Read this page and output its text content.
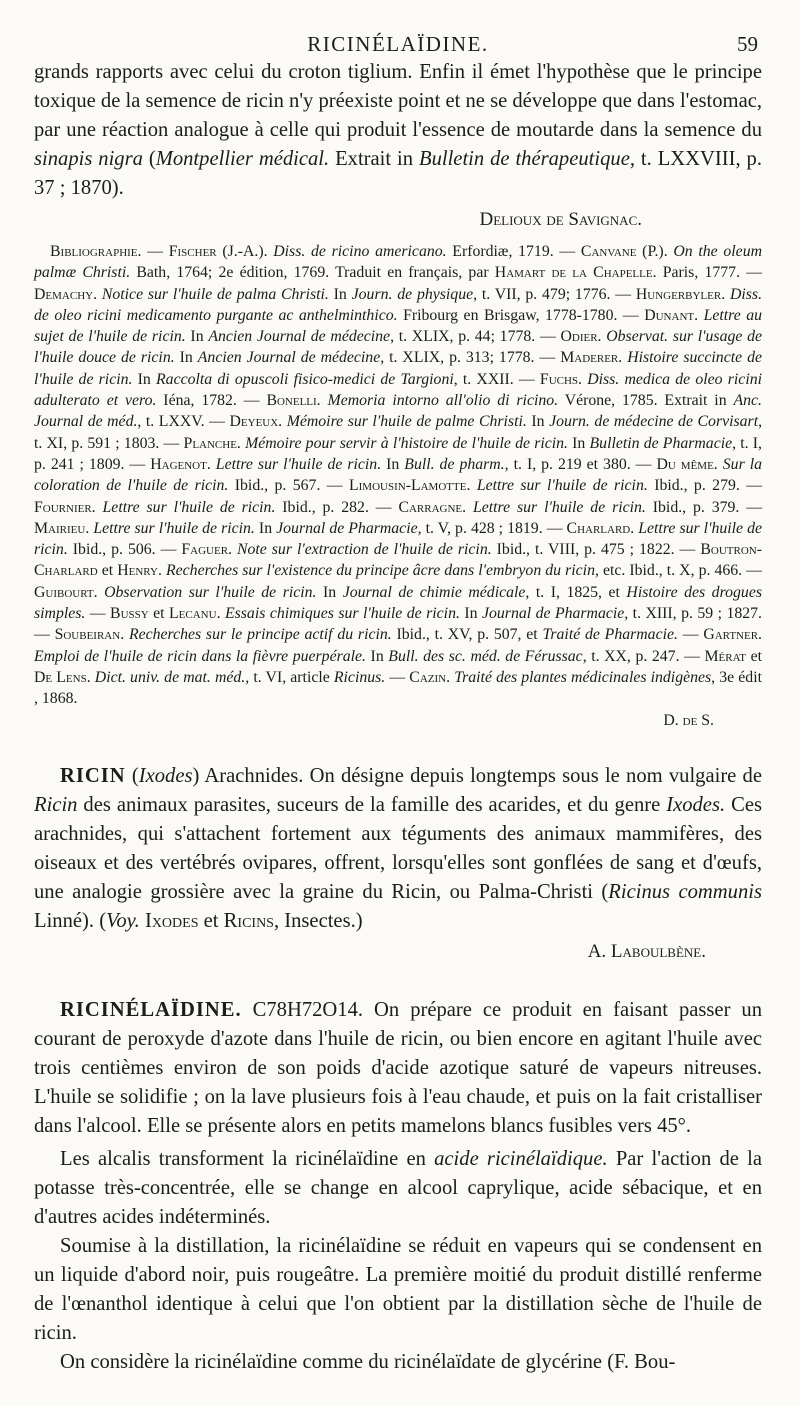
RICINÉLAÏDINE.	59

grands rapports avec celui du croton tiglium. Enfin il émet l'hypothèse que le principe toxique de la semence de ricin n'y préexiste point et ne se développe que dans l'estomac, par une réaction analogue à celle qui produit l'essence de moutarde dans la semence du sinapis nigra (Montpellier médical. Extrait in Bulletin de thérapeutique, t. LXXVIII, p. 37 ; 1870).

Delioux de Savignac.

Bibliographie. — Fischer (J.-A.). Diss. de ricino americano. Erfordiæ, 1719. — Canvane (P.). On the oleum palmæ Christi. Bath, 1764; 2e édition, 1769. Traduit en français, par Hamart de la Chapelle. Paris, 1777. — Demachy. Notice sur l'huile de palma Christi. In Journ. de physique, t. VII, p. 479; 1776. — Hungerbyler. Diss. de oleo ricini medicamento purgante ac anthelminthico. Fribourg en Brisgaw, 1778-1780. — Dunant. Lettre au sujet de l'huile de ricin. In Ancien Journal de médecine, t. XLIX, p. 44; 1778. — Odier. Observat. sur l'usage de l'huile douce de ricin. In Ancien Journal de médecine, t. XLIX, p. 313; 1778. — Maderer. Histoire succincte de l'huile de ricin. In Raccolta di opuscoli fisico-medici de Targioni, t. XXII. — Fuchs. Diss. medica de oleo ricini adulterato et vero. Iéna, 1782. — Bonelli. Memoria intorno all'olio di ricino. Vérone, 1785. Extrait in Anc. Journal de méd., t. LXXV. — Deyeux. Mémoire sur l'huile de palme Christi. In Journ. de médecine de Corvisart, t. XI, p. 591 ; 1803. — Planche. Mémoire pour servir à l'histoire de l'huile de ricin. In Bulletin de Pharmacie, t. I, p. 241 ; 1809. — Hagenot. Lettre sur l'huile de ricin. In Bull. de pharm., t. I, p. 219 et 380. — Du même. Sur la coloration de l'huile de ricin. Ibid., p. 567. — Limousin-Lamotte. Lettre sur l'huile de ricin. Ibid., p. 279. — Fournier. Lettre sur l'huile de ricin. Ibid., p. 282. — Carragne. Lettre sur l'huile de ricin. Ibid., p. 379. — Mairieu. Lettre sur l'huile de ricin. In Journal de Pharmacie, t. V, p. 428 ; 1819. — Charlard. Lettre sur l'huile de ricin. Ibid., p. 506. — Faguer. Note sur l'extraction de l'huile de ricin. Ibid., t. VIII, p. 475 ; 1822. — Boutron-Charlard et Henry. Recherches sur l'existence du principe âcre dans l'embryon du ricin, etc. Ibid., t. X, p. 466. — Guibourt. Observation sur l'huile de ricin. In Journal de chimie médicale, t. I, 1825, et Histoire des drogues simples. — Bussy et Lecanu. Essais chimiques sur l'huile de ricin. In Journal de Pharmacie, t. XIII, p. 59 ; 1827. — Soubeiran. Recherches sur le principe actif du ricin. Ibid., t. XV, p. 507, et Traité de Pharmacie. — Gartner. Emploi de l'huile de ricin dans la fièvre puerpérale. In Bull. des sc. méd. de Férussac, t. XX, p. 247. — Mérat et De Lens. Dict. univ. de mat. méd., t. VI, article Ricinus. — Cazin. Traité des plantes médicinales indigènes, 3e édit , 1868.

D. de S.

RICIN (Ixodes) Arachnides. On désigne depuis longtemps sous le nom vulgaire de Ricin des animaux parasites, suceurs de la famille des acarides, et du genre Ixodes. Ces arachnides, qui s'attachent fortement aux téguments des animaux mammifères, des oiseaux et des vertébrés ovipares, offrent, lorsqu'elles sont gonflées de sang et d'œufs, une analogie grossière avec la graine du Ricin, ou Palma-Christi (Ricinus communis Linné). (Voy. Ixodes et Ricins, Insectes.)

A. Laboulbène.

RICINÉLAÏDINE. C78H72O14. On prépare ce produit en faisant passer un courant de peroxyde d'azote dans l'huile de ricin, ou bien encore en agitant l'huile avec trois centièmes environ de son poids d'acide azotique saturé de vapeurs nitreuses. L'huile se solidifie ; on la lave plusieurs fois à l'eau chaude, et puis on la fait cristalliser dans l'alcool. Elle se présente alors en petits mamelons blancs fusibles vers 45°.

Les alcalis transforment la ricinélaïdine en acide ricinélaïdique. Par l'action de la potasse très-concentrée, elle se change en alcool caprylique, acide sébacique, et en d'autres acides indéterminés.

Soumise à la distillation, la ricinélaïdine se réduit en vapeurs qui se condensent en un liquide d'abord noir, puis rougeâtre. La première moitié du produit distillé renferme de l'œnanthol identique à celui que l'on obtient par la distillation sèche de l'huile de ricin.

On considère la ricinélaïdine comme du ricinélaïdate de glycérine (F. Bou-
